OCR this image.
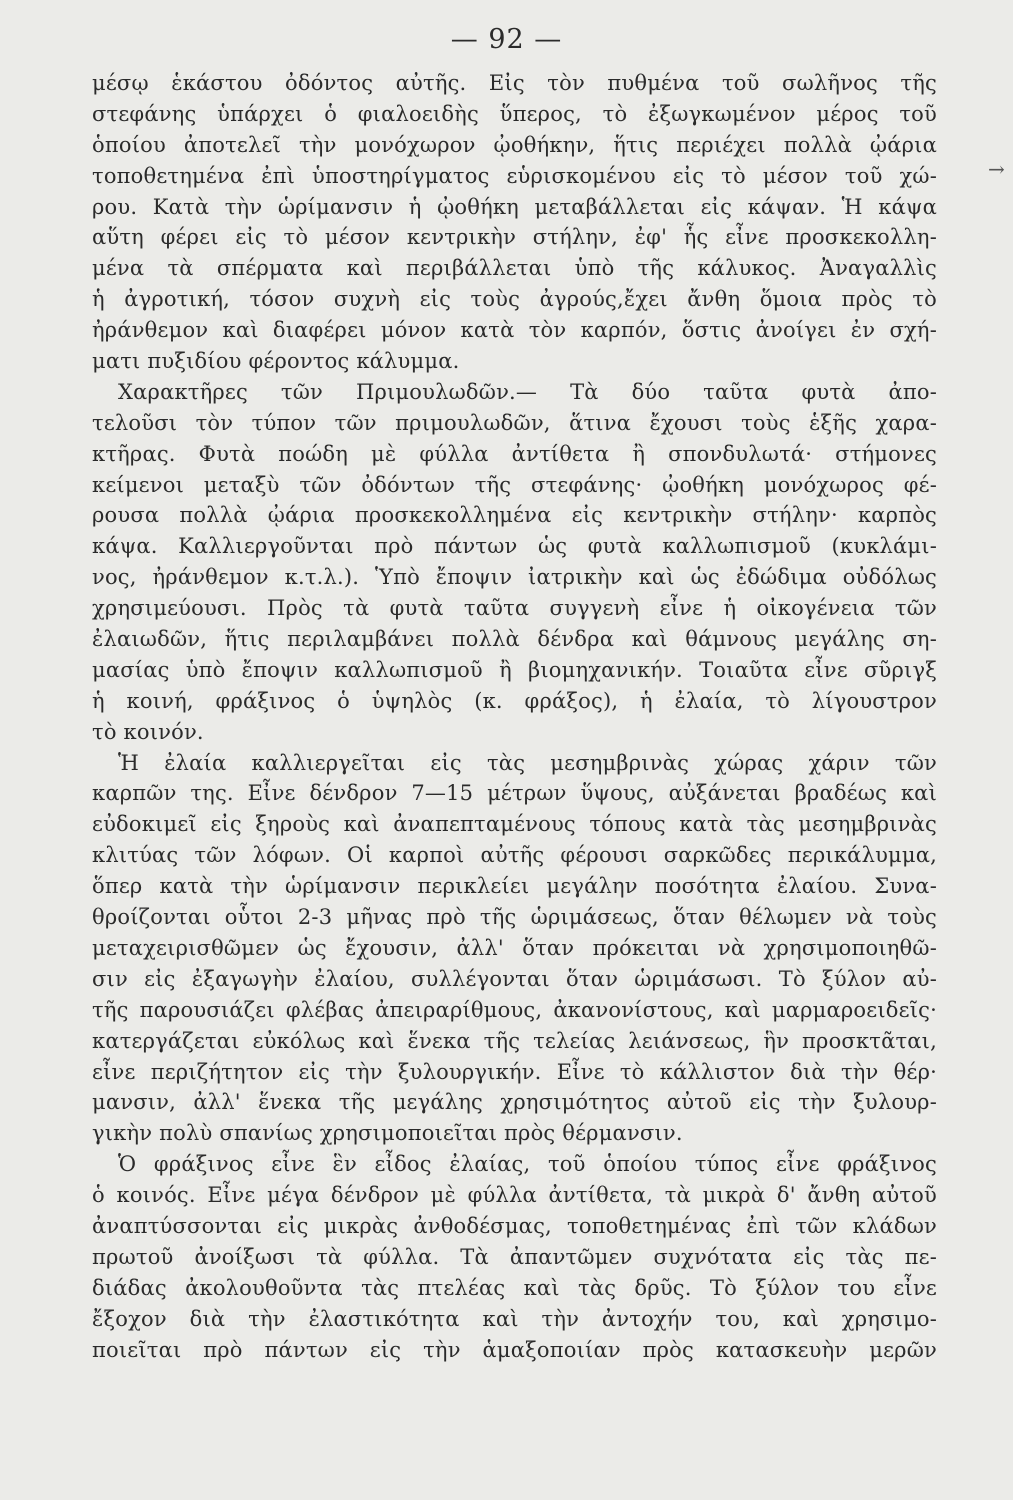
— 92 —
μέσῳ ἑκάστου ὀδόντος αὐτῆς. Εἰς τὸν πυθμένα τοῦ σωλῆνος τῆς
στεφάνης ὑπάρχει ὁ φιαλοειδὴς ὕπερος, τὸ ἐξωγκωμένον μέρος τοῦ
ὁποίου ἀποτελεῖ τὴν μονόχωρον ᾠοθήκην, ἥτις περιέχει πολλὰ ᾠάρια
τοποθετημένα ἐπὶ ὑποστηρίγματος εὑρισκομένου εἰς τὸ μέσον τοῦ χώ-
ρου. Κατὰ τὴν ὡρίμανσιν ἡ ᾠοθήκη μεταβάλλεται εἰς κάψαν. Ἡ κάψα
αὕτη φέρει εἰς τὸ μέσον κεντρικὴν στήλην, ἐφ' ἧς εἶνε προσκεκολλη-
μένα τὰ σπέρματα καὶ περιβάλλεται ὑπὸ τῆς κάλυκος. Ἀναγαλλὶς
ἡ ἀγροτική, τόσον συχνὴ εἰς τοὺς ἀγρούς,ἔχει ἄνθη ὅμοια πρὸς τὸ
ἠράνθεμον καὶ διαφέρει μόνον κατὰ τὸν καρπόν, ὅστις ἀνοίγει ἐν σχή-
ματι πυξιδίου φέροντος κάλυμμα.
Χαρακτῆρες τῶν Πριμουλωδῶν.— Τὰ δύο ταῦτα φυτὰ ἀπο-
τελοῦσι τὸν τύπον τῶν πριμουλωδῶν, ἅτινα ἔχουσι τοὺς ἑξῆς χαρα-
κτῆρας. Φυτὰ ποώδη μὲ φύλλα ἀντίθετα ἢ σπονδυλωτά· στήμονες
κείμενοι μεταξὺ τῶν ὀδόντων τῆς στεφάνης· ᾠοθήκη μονόχωρος φέ-
ρουσα πολλὰ ᾠάρια προσκεκολλημένα εἰς κεντρικὴν στήλην· καρπὸς
κάψα. Καλλιεργοῦνται πρὸ πάντων ὡς φυτὰ καλλωπισμοῦ (κυκλάμι-
νος, ἠράνθεμον κ.τ.λ.). Ὑπὸ ἔποψιν ἰατρικὴν καὶ ὡς ἐδώδιμα οὐδόλως
χρησιμεύουσι. Πρὸς τὰ φυτὰ ταῦτα συγγενὴ εἶνε ἡ οἰκογένεια τῶν
ἐλαιωδῶν, ἥτις περιλαμβάνει πολλὰ δένδρα καὶ θάμνους μεγάλης ση-
μασίας ὑπὸ ἔποψιν καλλωπισμοῦ ἢ βιομηχανικήν. Τοιαῦτα εἶνε σῦριγξ
ἡ κοινή, φράξινος ὁ ὑψηλὸς (κ. φράξος), ἡ ἐλαία, τὸ λίγουστρον
τὸ κοινόν.
Ἡ ἐλαία καλλιεργεῖται εἰς τὰς μεσημβρινὰς χώρας χάριν τῶν
καρπῶν της. Εἶνε δένδρον 7—15 μέτρων ὕψους, αὐξάνεται βραδέως καὶ
εὐδοκιμεῖ εἰς ξηροὺς καὶ ἀναπεπταμένους τόπους κατὰ τὰς μεσημβρινὰς
κλιτύας τῶν λόφων. Οἱ καρποὶ αὐτῆς φέρουσι σαρκῶδες περικάλυμμα,
ὅπερ κατὰ τὴν ὡρίμανσιν περικλείει μεγάλην ποσότητα ἐλαίου. Συνα-
θροίζονται οὗτοι 2-3 μῆνας πρὸ τῆς ὡριμάσεως, ὅταν θέλωμεν νὰ τοὺς
μεταχειρισθῶμεν ὡς ἔχουσιν, ἀλλ' ὅταν πρόκειται νὰ χρησιμοποιηθῶ-
σιν εἰς ἐξαγωγὴν ἐλαίου, συλλέγονται ὅταν ὡριμάσωσι. Τὸ ξύλον αὐ-
τῆς παρουσιάζει φλέβας ἀπειραρίθμους, ἀκανονίστους, καὶ μαρμαροειδεῖς·
κατεργάζεται εὐκόλως καὶ ἕνεκα τῆς τελείας λειάνσεως, ἣν προσκτᾶται,
εἶνε περιζήτητον εἰς τὴν ξυλουργικήν. Εἶνε τὸ κάλλιστον διὰ τὴν θέρ·
μανσιν, ἀλλ' ἕνεκα τῆς μεγάλης χρησιμότητος αὐτοῦ εἰς τὴν ξυλουρ-
γικὴν πολὺ σπανίως χρησιμοποιεῖται πρὸς θέρμανσιν.
Ὁ φράξινος εἶνε ἓν εἶδος ἐλαίας, τοῦ ὁποίου τύπος εἶνε φράξινος
ὁ κοινός. Εἶνε μέγα δένδρον μὲ φύλλα ἀντίθετα, τὰ μικρὰ δ' ἄνθη αὐτοῦ
ἀναπτύσσονται εἰς μικρὰς ἀνθοδέσμας, τοποθετημένας ἐπὶ τῶν κλάδων
πρωτοῦ ἀνοίξωσι τὰ φύλλα. Τὰ ἀπαντῶμεν συχνότατα εἰς τὰς πε-
διάδας ἀκολουθοῦντα τὰς πτελέας καὶ τὰς δρῦς. Τὸ ξύλον του εἶνε
ἔξοχον διὰ τὴν ἐλαστικότητα καὶ τὴν ἀντοχήν του, καὶ χρησιμο-
ποιεῖται πρὸ πάντων εἰς τὴν ἁμαξοποιίαν πρὸς κατασκευὴν μερῶν
→
